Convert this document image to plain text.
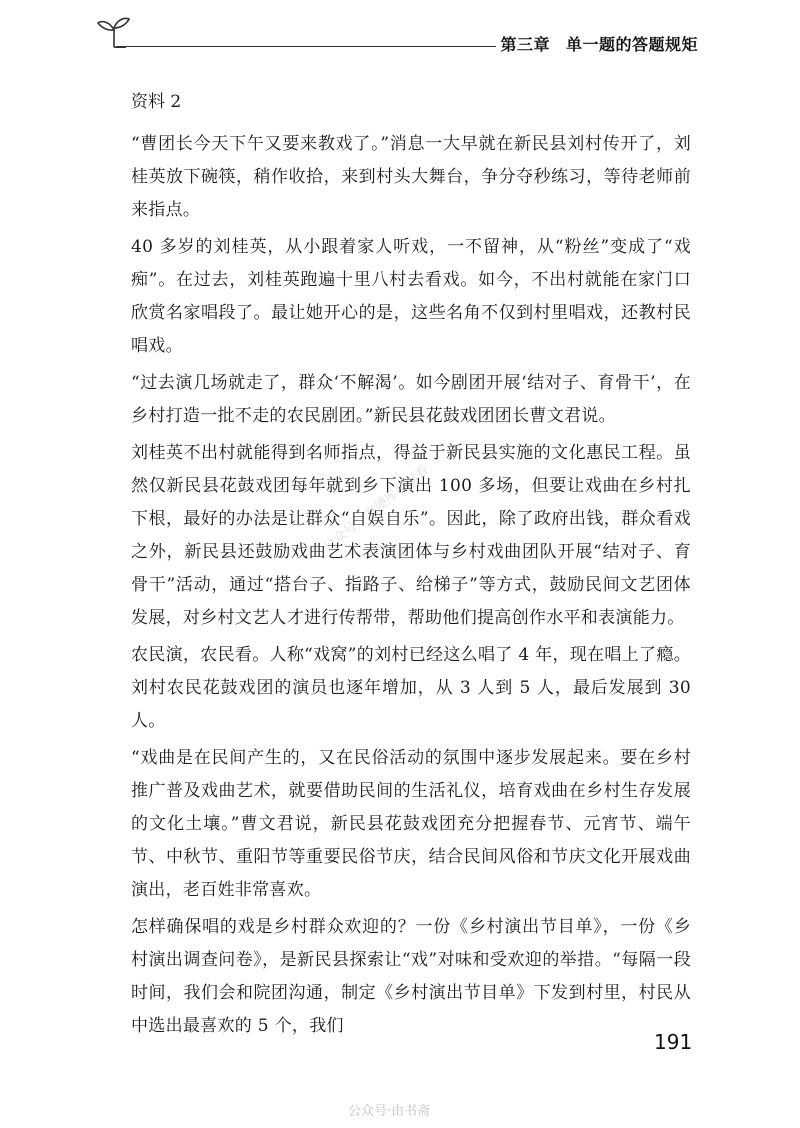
第三章 单一题的答题规矩

资料 2

“曹团长今天下午又要来教戏了。”消息一大早就在新民县刘村传开了，刘桂英放下碗筷，稍作收拾，来到村头大舞台，争分夺秒练习，等待老师前来指点。

40 多岁的刘桂英，从小跟着家人听戏，一不留神，从“粉丝”变成了“戏痴”。在过去，刘桂英跑遍十里八村去看戏。如今，不出村就能在家门口欣赏名家唱段了。最让她开心的是，这些名角不仅到村里唱戏，还教村民唱戏。

“过去演几场就走了，群众‘不解渴’。如今剧团开展‘结对子、育骨干’，在乡村打造一批不走的农民剧团。”新民县花鼓戏团团长曹文君说。

刘桂英不出村就能得到名师指点，得益于新民县实施的文化惠民工程。虽然仅新民县花鼓戏团每年就到乡下演出 100 多场，但要让戏曲在乡村扎下根，最好的办法是让群众“自娱自乐”。因此，除了政府出钱，群众看戏之外，新民县还鼓励戏曲艺术表演团体与乡村戏曲团队开展“结对子、育骨干”活动，通过“搭台子、指路子、给梯子”等方式，鼓励民间文艺团体发展，对乡村文艺人才进行传帮带，帮助他们提高创作水平和表演能力。

农民演，农民看。人称“戏窝”的刘村已经这么唱了 4 年，现在唱上了瘾。刘村农民花鼓戏团的演员也逐年增加，从 3 人到 5 人，最后发展到 30 人。

“戏曲是在民间产生的，又在民俗活动的氛围中逐步发展起来。要在乡村推广普及戏曲艺术，就要借助民间的生活礼仪，培育戏曲在乡村生存发展的文化土壤。”曹文君说，新民县花鼓戏团充分把握春节、元宵节、端午节、中秋节、重阳节等重要民俗节庆，结合民间风俗和节庆文化开展戏曲演出，老百姓非常喜欢。

怎样确保唱的戏是乡村群众欢迎的？一份《乡村演出节目单》，一份《乡村演出调查问卷》，是新民县探索让“戏”对味和受欢迎的举措。“每隔一段时间，我们会和院团沟通，制定《乡村演出节目单》下发到村里，村民从中选出最喜欢的 5 个，我们

公众号：方便库可以看
191
公众号·由书斋
